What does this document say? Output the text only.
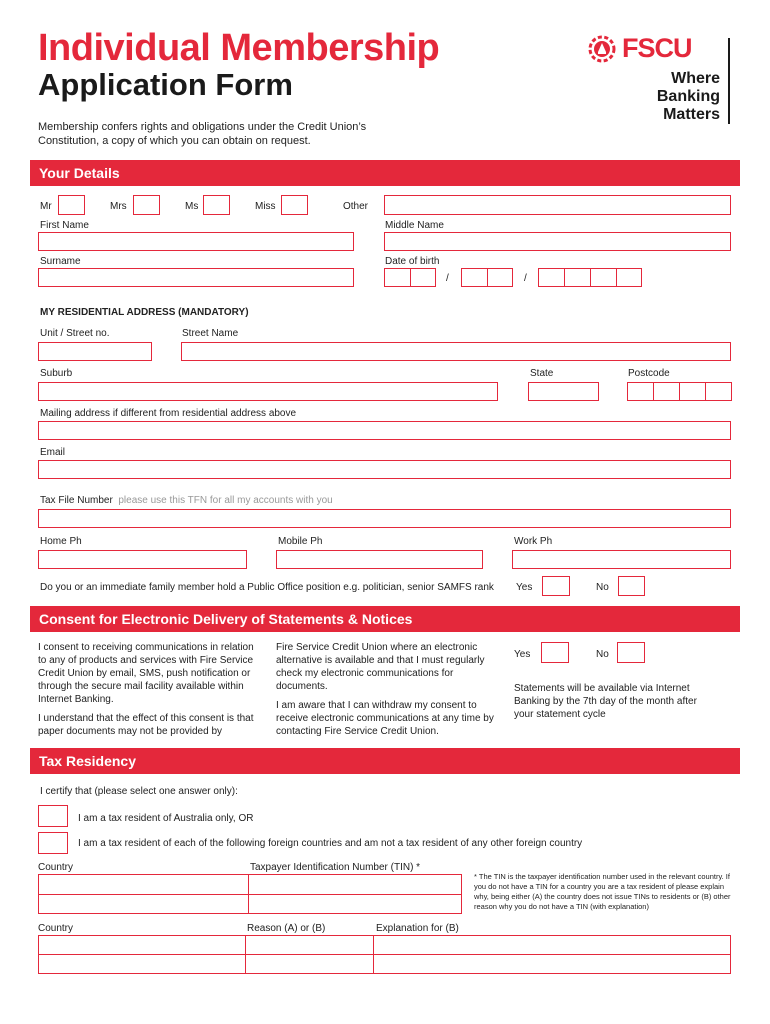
Individual Membership
Application Form
Membership confers rights and obligations under the Credit Union’s Constitution, a copy of which you can obtain on request.
FSCU
Where
Banking
Matters
Your Details
Mr	Mrs	Ms	Miss	Other
First Name	Middle Name
Surname	Date of birth
/	/
MY RESIDENTIAL ADDRESS (MANDATORY)
Unit / Street no.	Street Name
Suburb	State	Postcode
Mailing address if different from residential address above
Email
Tax File Number please use this TFN for all my accounts with you
Home Ph	Mobile Ph	Work Ph
Do you or an immediate family member hold a Public Office position e.g. politician, senior SAMFS rank Yes	No
Consent for Electronic Delivery of Statements & Notices
I consent to receiving communications in relation to any of products and services with Fire Service Credit Union by email, SMS, push notification or through the secure mail facility available within Internet Banking.
I understand that the effect of this consent is that paper documents may not be provided by
Fire Service Credit Union where an electronic alternative is available and that I must regularly check my electronic communications for documents.
I am aware that I can withdraw my consent to receive electronic communications at any time by contacting Fire Service Credit Union.
Yes	No
Statements will be available via Internet Banking by the 7th day of the month after your statement cycle
Tax Residency
I certify that (please select one answer only):
I am a tax resident of Australia only, OR
I am a tax resident of each of the following foreign countries and am not a tax resident of any other foreign country
Country	Taxpayer Identification Number (TIN) *
* The TIN is the taxpayer identification number used in the relevant country. If you do not have a TIN for a country you are a tax resident of please explain why, being either (A) the country does not issue TINs to residents or (B) other reason why you do not have a TIN (with explanation)
Country	Reason (A) or (B)	Explanation for (B)
